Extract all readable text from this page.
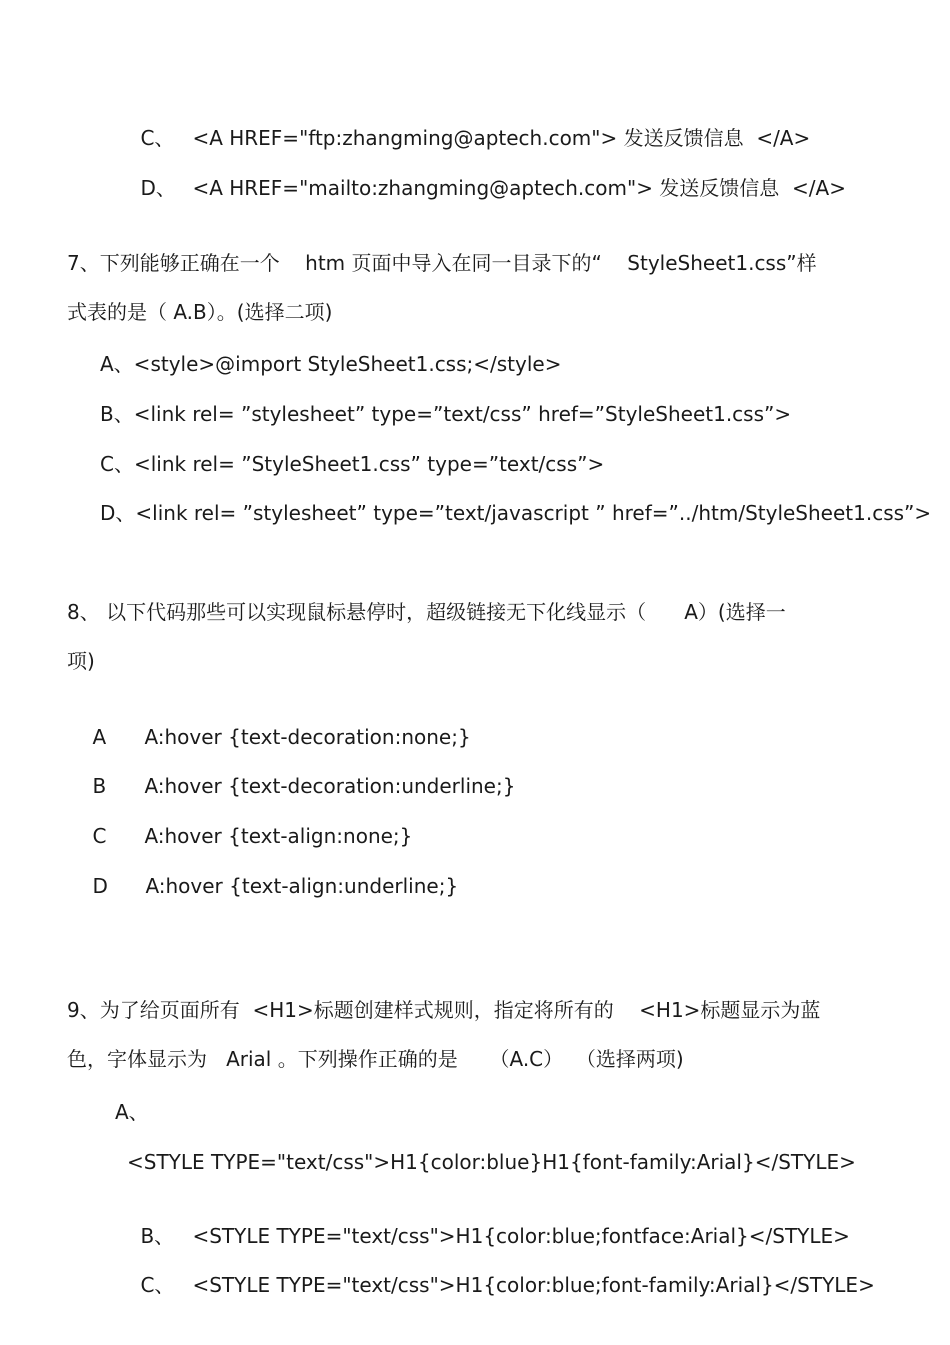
C、 <A HREF="ftp:zhangming@aptech.com"> 发送反馈信息  </A>

D、 <A HREF="mailto:zhangming@aptech.com"> 发送反馈信息  </A>

7、下列能够正确在一个    htm 页面中导入在同一目录下的“    StyleSheet1.css”样
式表的是（ A.B）。(选择二项)
A、<style>@import StyleSheet1.css;</style>
B、<link rel= ”stylesheet” type=”text/css” href=”StyleSheet1.css”>
C、<link rel= ”StyleSheet1.css” type=”text/css”>
D、<link rel= ”stylesheet” type=”text/javascript ” href=”../htm/StyleSheet1.css”>
8、 以下代码那些可以实现鼠标悬停时，超级链接无下化线显示（      A）(选择一
项)

A A:hover {text-decoration:none;}

B A:hover {text-decoration:underline;}

C A:hover {text-align:none;}

D A:hover {text-align:underline;}

9、为了给页面所有  <H1>标题创建样式规则，指定将所有的    <H1>标题显示为蓝
色，字体显示为   Arial 。下列操作正确的是     （A.C）  （选择两项)
A、
<STYLE TYPE="text/css">H1{color:blue}H1{font-family:Arial}</STYLE>

B、 <STYLE TYPE="text/css">H1{color:blue;fontface:Arial}</STYLE>

C、 <STYLE TYPE="text/css">H1{color:blue;font-family:Arial}</STYLE>
